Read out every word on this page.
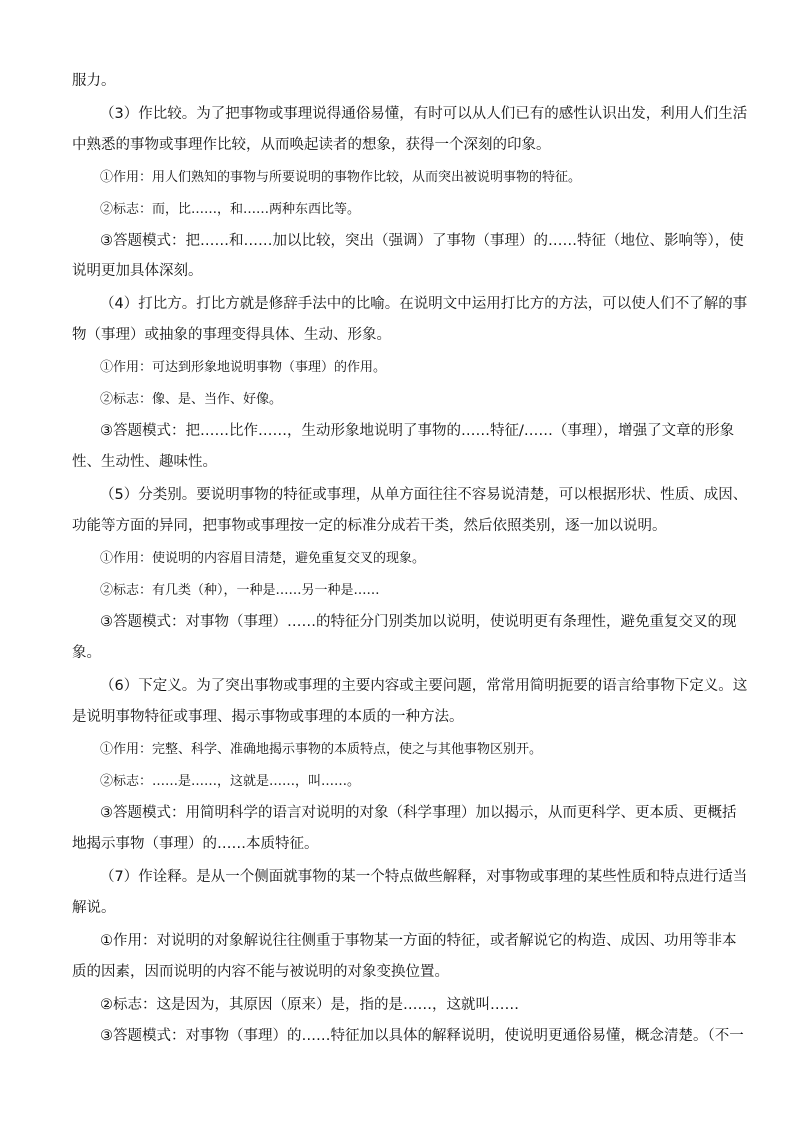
服力。
（3）作比较。为了把事物或事理说得通俗易懂，有时可以从人们已有的感性认识出发，利用人们生活
中熟悉的事物或事理作比较，从而唤起读者的想象，获得一个深刻的印象。
①作用：用人们熟知的事物与所要说明的事物作比较，从而突出被说明事物的特征。
②标志：而，比……，和……两种东西比等。
③答题模式：把……和……加以比较，突出（强调）了事物（事理）的……特征（地位、影响等），使
说明更加具体深刻。
（4）打比方。打比方就是修辞手法中的比喻。在说明文中运用打比方的方法，可以使人们不了解的事
物（事理）或抽象的事理变得具体、生动、形象。
①作用：可达到形象地说明事物（事理）的作用。
②标志：像、是、当作、好像。
③答题模式：把……比作……，生动形象地说明了事物的……特征/……（事理），增强了文章的形象
性、生动性、趣味性。
（5）分类别。要说明事物的特征或事理，从单方面往往不容易说清楚，可以根据形状、性质、成因、
功能等方面的异同，把事物或事理按一定的标准分成若干类，然后依照类别，逐一加以说明。
①作用：使说明的内容眉目清楚，避免重复交叉的现象。
②标志：有几类（种），一种是……另一种是……
③答题模式：对事物（事理）……的特征分门别类加以说明，使说明更有条理性，避免重复交叉的现
象。
（6）下定义。为了突出事物或事理的主要内容或主要问题，常常用简明扼要的语言给事物下定义。这
是说明事物特征或事理、揭示事物或事理的本质的一种方法。
①作用：完整、科学、准确地揭示事物的本质特点，使之与其他事物区别开。
②标志：……是……，这就是……，叫……。
③答题模式：用简明科学的语言对说明的对象（科学事理）加以揭示，从而更科学、更本质、更概括
地揭示事物（事理）的……本质特征。
（7）作诠释。是从一个侧面就事物的某一个特点做些解释，对事物或事理的某些性质和特点进行适当
解说。
①作用：对说明的对象解说往往侧重于事物某一方面的特征，或者解说它的构造、成因、功用等非本
质的因素，因而说明的内容不能与被说明的对象变换位置。
②标志：这是因为，其原因（原来）是，指的是……，这就叫……
③答题模式：对事物（事理）的……特征加以具体的解释说明，使说明更通俗易懂，概念清楚。（不一
